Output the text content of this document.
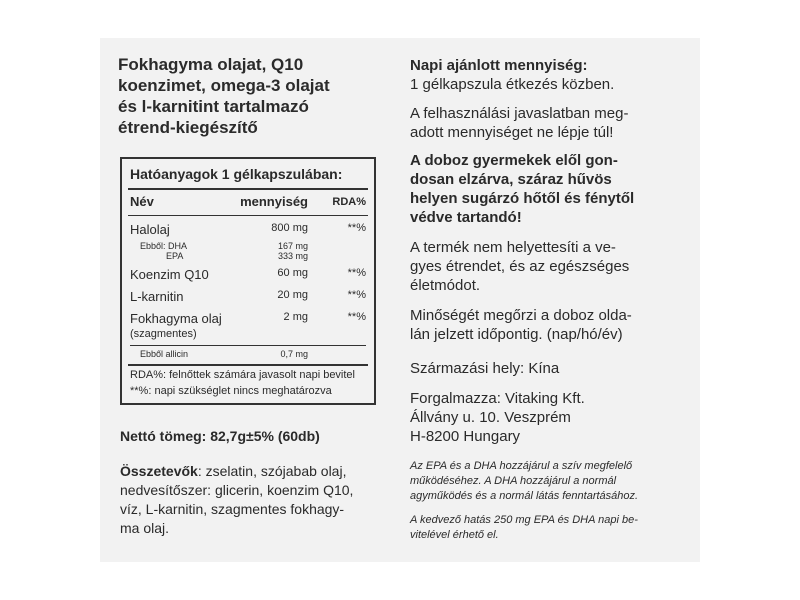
Fokhagyma olajat, Q10
koenzimet, omega-3 olajat
és l-karnitint tartalmazó
étrend-kiegészítő
Hatóanyagok 1 gélkapszulában:
Név	mennyiség RDA%
Halolaj	800 mg	**%
Ebből: DHA	167 mg
EPA	333 mg
Koenzim Q10	60 mg	**%
L-karnitin	20 mg	**%
Fokhagyma olaj	2 mg	**%
(szagmentes)
Ebből allicin	0,7 mg
RDA%: felnőttek számára javasolt napi bevitel
**%: napi szükséglet nincs meghatározva
Nettó tömeg: 82,7g±5% (60db)
Összetevők: zselatin, szójabab olaj,
nedvesítőszer: glicerin, koenzim Q10,
víz, L-karnitin, szagmentes fokhagy-
ma olaj.
Napi ajánlott mennyiség:
1 gélkapszula étkezés közben.
A felhasználási javaslatban meg-
adott mennyiséget ne lépje túl!
A doboz gyermekek elől gon-
dosan elzárva, száraz hűvös
helyen sugárzó hőtől és fénytől
védve tartandó!
A termék nem helyettesíti a ve-
gyes étrendet, és az egészséges
életmódot.
Minőségét megőrzi a doboz olda-
lán jelzett időpontig. (nap/hó/év)
Származási hely: Kína
Forgalmazza: Vitaking Kft.
Állvány u. 10. Veszprém
H-8200 Hungary
Az EPA és a DHA hozzájárul a szív megfelelő
működéséhez. A DHA hozzájárul a normál
agyműködés és a normál látás fenntartásához.
A kedvező hatás 250 mg EPA és DHA napi be-
vitelével érhető el.
